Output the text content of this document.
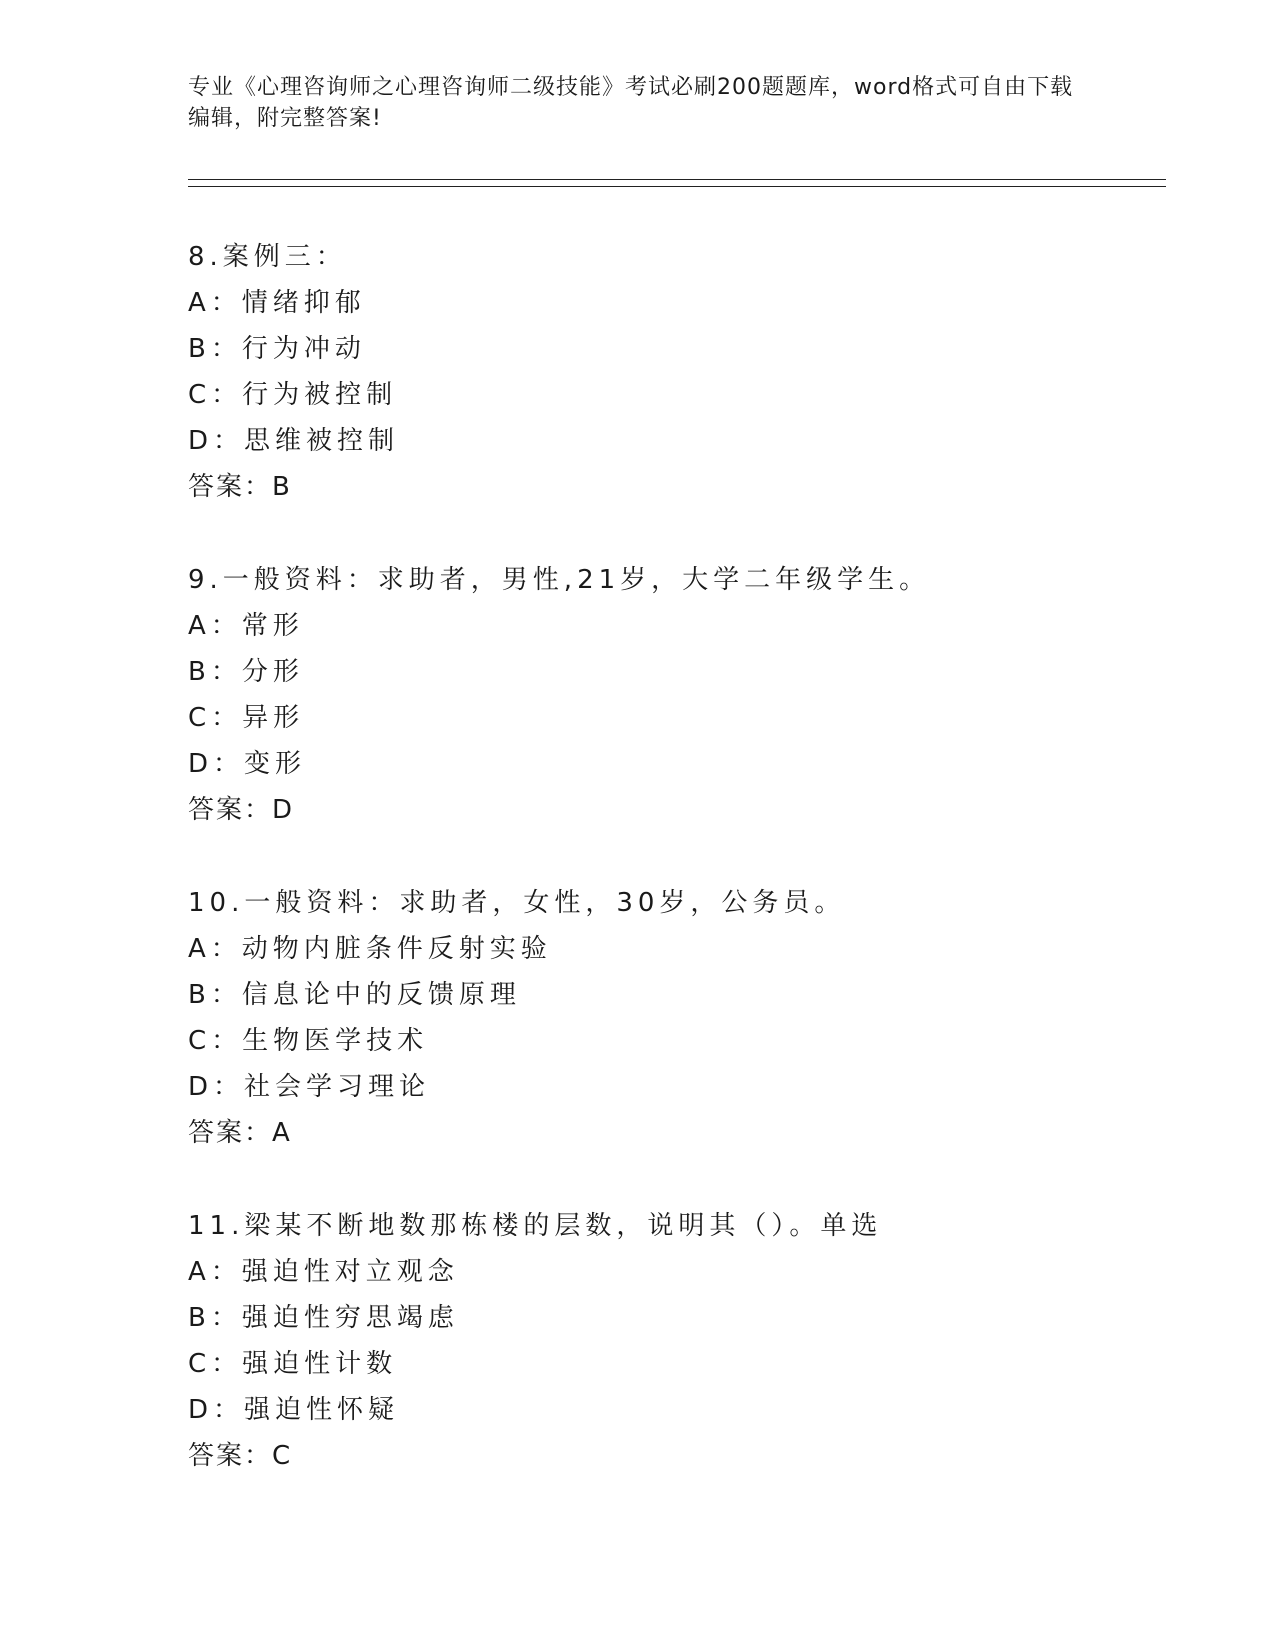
专业《心理咨询师之心理咨询师二级技能》考试必刷200题题库，word格式可自由下载编辑，附完整答案!
8.案例三：
A：情绪抑郁
B：行为冲动
C：行为被控制
D：思维被控制
答案：B
9.一般资料：求助者，男性,21岁，大学二年级学生。
A：常形
B：分形
C：异形
D：变形
答案：D
10.一般资料：求助者，女性，30岁，公务员。
A：动物内脏条件反射实验
B：信息论中的反馈原理
C：生物医学技术
D：社会学习理论
答案：A
11.梁某不断地数那栋楼的层数，说明其（）。单选
A：强迫性对立观念
B：强迫性穷思竭虑
C：强迫性计数
D：强迫性怀疑
答案：C
